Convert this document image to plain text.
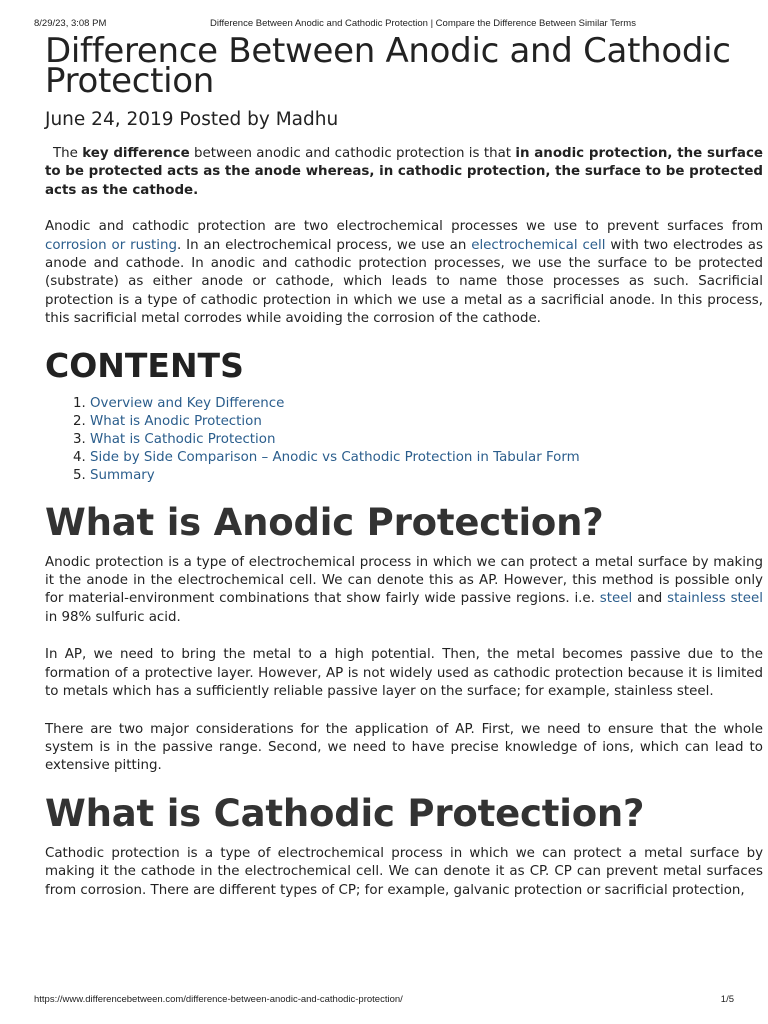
8/29/23, 3:08 PM	Difference Between Anodic and Cathodic Protection | Compare the Difference Between Similar Terms
Difference Between Anodic and Cathodic Protection
June 24, 2019 Posted by Madhu

The key difference between anodic and cathodic protection is that in anodic protection, the surface to be protected acts as the anode whereas, in cathodic protection, the surface to be protected acts as the cathode.

Anodic and cathodic protection are two electrochemical processes we use to prevent surfaces from corrosion or rusting. In an electrochemical process, we use an electrochemical cell with two electrodes as anode and cathode. In anodic and cathodic protection processes, we use the surface to be protected (substrate) as either anode or cathode, which leads to name those processes as such. Sacrificial protection is a type of cathodic protection in which we use a metal as a sacrificial anode. In this process, this sacrificial metal corrodes while avoiding the corrosion of the cathode.

CONTENTS
1. Overview and Key Difference
2. What is Anodic Protection
3. What is Cathodic Protection
4. Side by Side Comparison – Anodic vs Cathodic Protection in Tabular Form
5. Summary
What is Anodic Protection?

Anodic protection is a type of electrochemical process in which we can protect a metal surface by making it the anode in the electrochemical cell. We can denote this as AP. However, this method is possible only for material-environment combinations that show fairly wide passive regions. i.e. steel and stainless steel in 98% sulfuric acid.

In AP, we need to bring the metal to a high potential. Then, the metal becomes passive due to the formation of a protective layer. However, AP is not widely used as cathodic protection because it is limited to metals which has a sufficiently reliable passive layer on the surface; for example, stainless steel.

There are two major considerations for the application of AP. First, we need to ensure that the whole system is in the passive range. Second, we need to have precise knowledge of ions, which can lead to extensive pitting.

What is Cathodic Protection?

Cathodic protection is a type of electrochemical process in which we can protect a metal surface by making it the cathode in the electrochemical cell. We can denote it as CP. CP can prevent metal surfaces from corrosion. There are different types of CP; for example, galvanic protection or sacrificial protection,

https://www.differencebetween.com/difference-between-anodic-and-cathodic-protection/	1/5
